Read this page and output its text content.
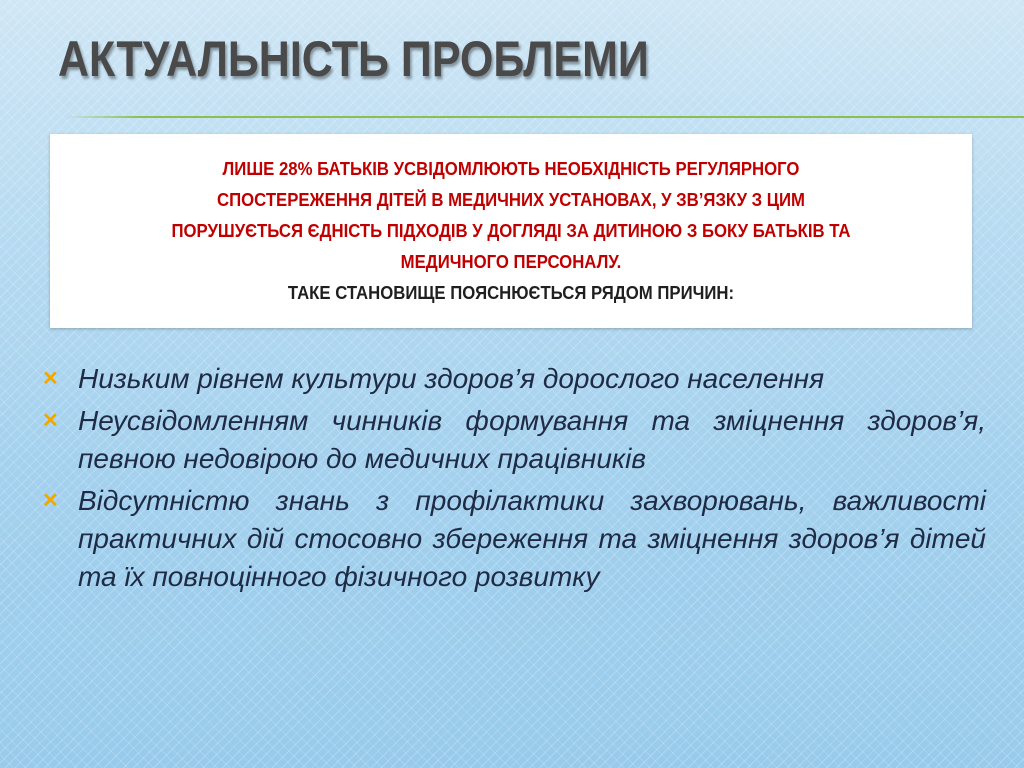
АКТУАЛЬНІСТЬ ПРОБЛЕМИ
ЛИШЕ 28% БАТЬКІВ УСВІДОМЛЮЮТЬ НЕОБХІДНІСТЬ РЕГУЛЯРНОГО
СПОСТЕРЕЖЕННЯ ДІТЕЙ В МЕДИЧНИХ УСТАНОВАХ, У ЗВ’ЯЗКУ З ЦИМ
ПОРУШУЄТЬСЯ ЄДНІСТЬ ПІДХОДІВ У ДОГЛЯДІ ЗА ДИТИНОЮ З БОКУ БАТЬКІВ ТА
МЕДИЧНОГО ПЕРСОНАЛУ.
ТАКЕ СТАНОВИЩЕ ПОЯСНЮЄТЬСЯ РЯДОМ ПРИЧИН:
✕ Низьким рівнем культури здоров’я дорослого населення
✕ Неусвідомленням чинників формування та зміцнення здоров’я, певною недовірою до медичних працівників
✕ Відсутністю знань з профілактики захворювань, важливості практичних дій стосовно збереження та зміцнення здоров’я дітей та їх повноцінного фізичного розвитку
